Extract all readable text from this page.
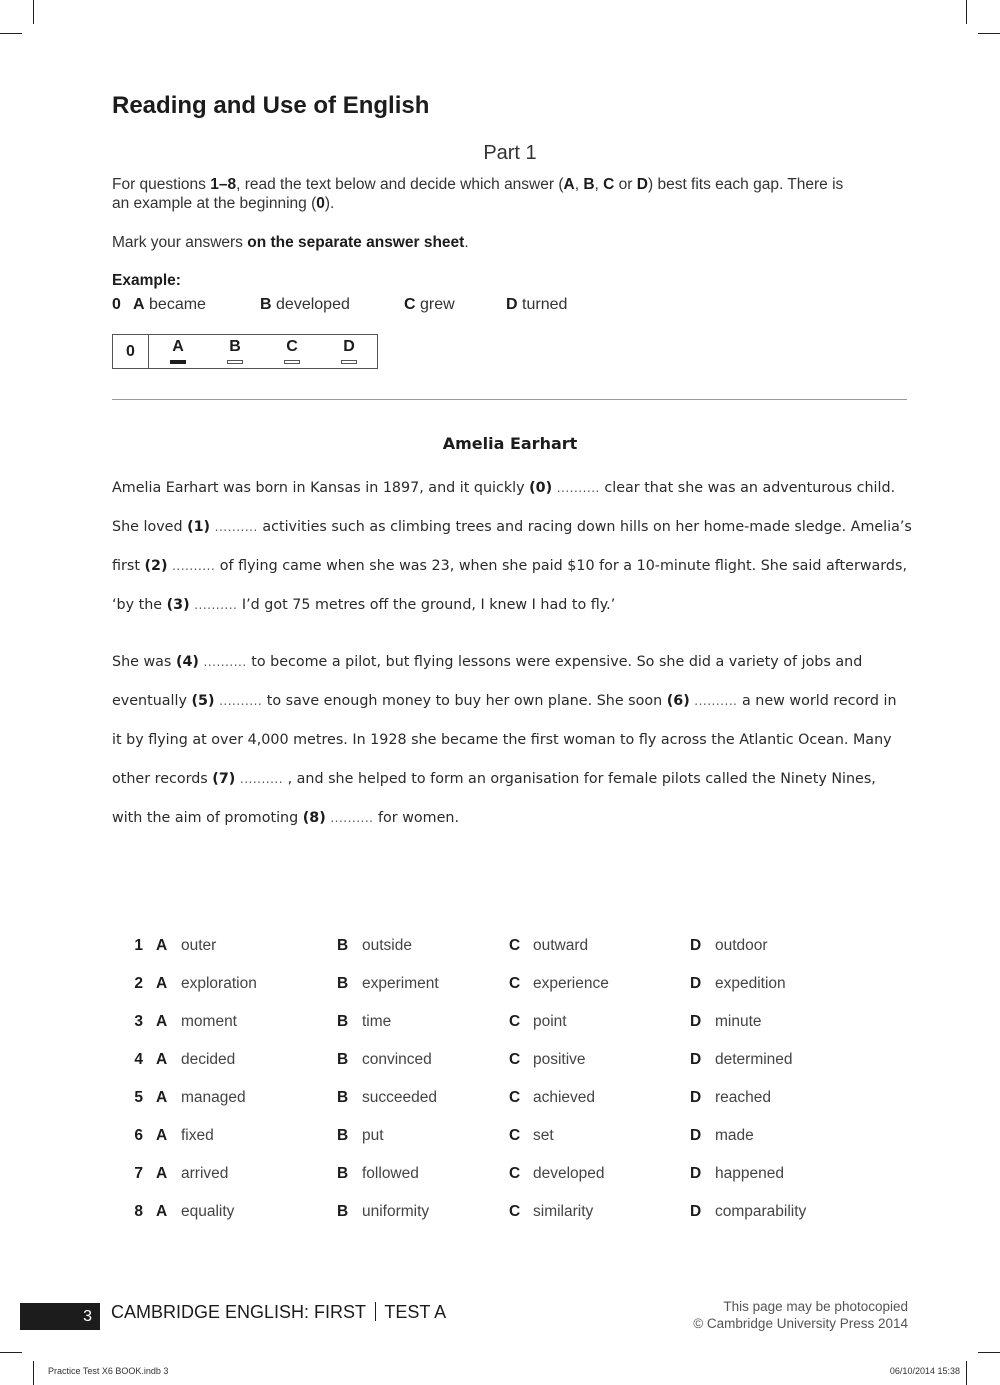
Reading and Use of English
Part 1
For questions 1–8, read the text below and decide which answer (A, B, C or D) best fits each gap. There is
an example at the beginning (0).
Mark your answers on the separate answer sheet.
Example:
0 A became	B developed	C grew	D turned
0	A	B	C	D
Amelia Earhart
Amelia Earhart was born in Kansas in 1897, and it quickly (0) .......... clear that she was an adventurous child.
She loved (1) .......... activities such as climbing trees and racing down hills on her home-made sledge. Amelia’s
first (2) .......... of flying came when she was 23, when she paid $10 for a 10-minute flight. She said afterwards,
‘by the (3) .......... I’d got 75 metres off the ground, I knew I had to fly.’
She was (4) .......... to become a pilot, but flying lessons were expensive. So she did a variety of jobs and
eventually (5) .......... to save enough money to buy her own plane. She soon (6) .......... a new world record in
it by flying at over 4,000 metres. In 1928 she became the first woman to fly across the Atlantic Ocean. Many
other records (7) .......... , and she helped to form an organisation for female pilots called the Ninety Nines,
with the aim of promoting (8) .......... for women.
1 A outer	B outside	C outward	D outdoor
2 A exploration	B experiment	C experience	D expedition
3 A moment	B time	C point	D minute
4 A decided	B convinced	C positive	D determined
5 A managed	B succeeded	C achieved	D reached
6 A fixed	B put	C set	D made
7 A arrived	B followed	C developed	D happened
8 A equality	B uniformity	C similarity	D comparability
3	CAMBRIDGE ENGLISH: FIRST TEST A	This page may be photocopied
© Cambridge University Press 2014
Practice Test X6 BOOK.indb 3	06/10/2014 15:38
